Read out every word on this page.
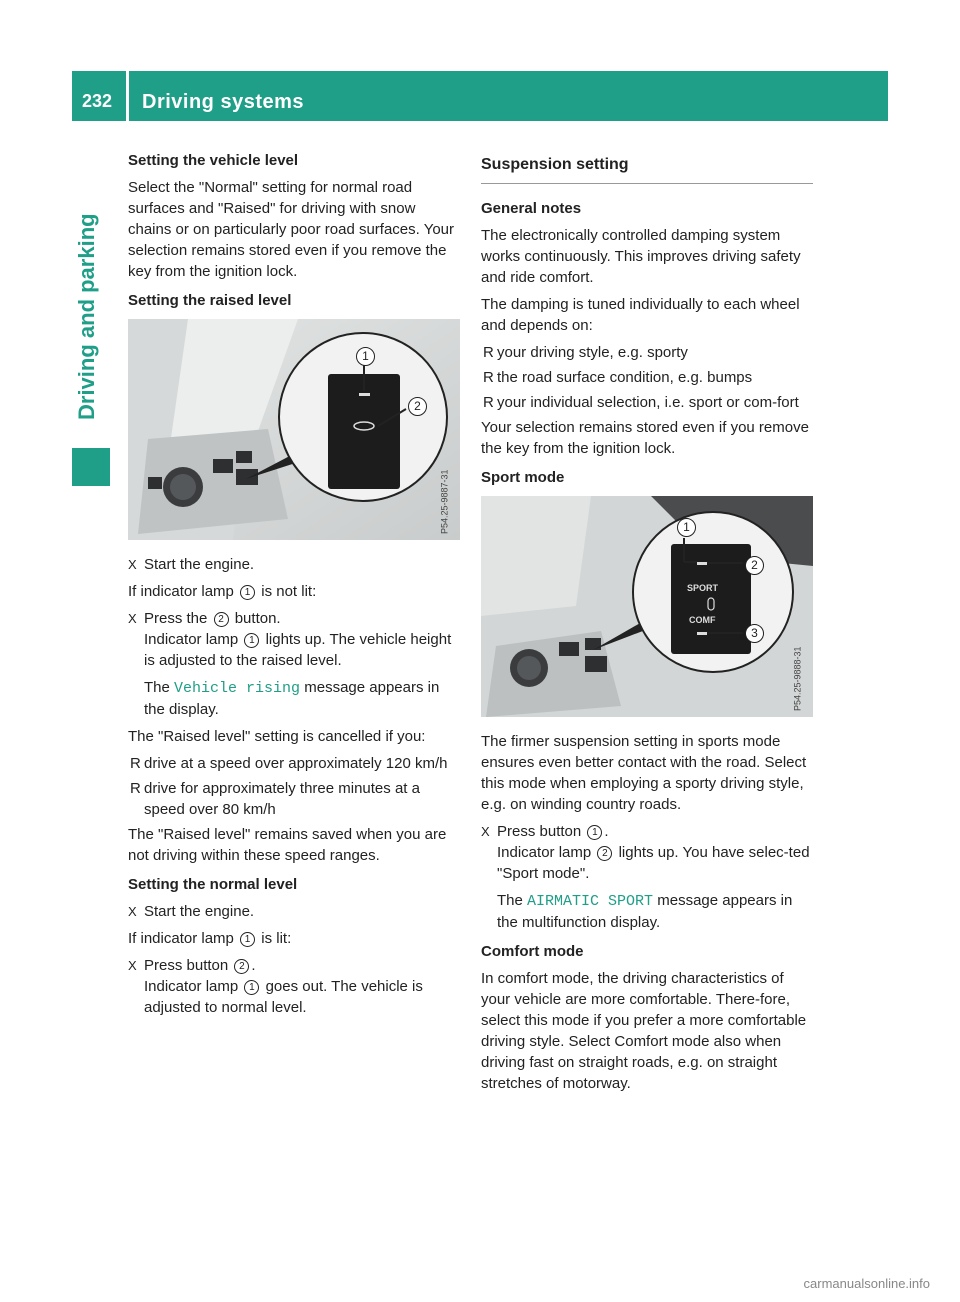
232 Driving systems
Driving and parking

Setting the vehicle level

Select the "Normal" setting for normal road surfaces and "Raised" for driving with snow chains or on particularly poor road surfaces. Your selection remains stored even if you remove the key from the ignition lock.

Setting the raised level

1
2
P54.25-9887-31
X Start the engine.

If indicator lamp 1 is not lit:

X Press the 2 button.
Indicator lamp 1 lights up. The vehicle height is adjusted to the raised level.
The Vehicle rising message appears in the display.

The "Raised level" setting is cancelled if you:

R drive at a speed over approximately 120 km/h
R drive for approximately three minutes at a speed over 80 km/h

The "Raised level" remains saved when you are not driving within these speed ranges.

Setting the normal level

X Start the engine.

If indicator lamp 1 is lit:

X Press button 2 .
Indicator lamp 1 goes out. The vehicle is adjusted to normal level.
Suspension setting

General notes

The electronically controlled damping system works continuously. This improves driving safety and ride comfort.

The damping is tuned individually to each wheel and depends on:

R your driving style, e.g. sporty
R the road surface condition, e.g. bumps
R your individual selection, i.e. sport or com-fort

Your selection remains stored even if you remove the key from the ignition lock.

Sport mode

SPORT
COMF
1
2
3
P54.25-9888-31

The firmer suspension setting in sports mode ensures even better contact with the road. Select this mode when employing a sporty driving style, e.g. on winding country roads.

X Press button 1 .
Indicator lamp 2 lights up. You have selec-ted "Sport mode".
The AIRMATIC SPORT message appears in the multifunction display.

Comfort mode

In comfort mode, the driving characteristics of your vehicle are more comfortable. There-fore, select this mode if you prefer a more comfortable driving style. Select Comfort mode also when driving fast on straight roads, e.g. on straight stretches of motorway.

carmanualsonline.info
